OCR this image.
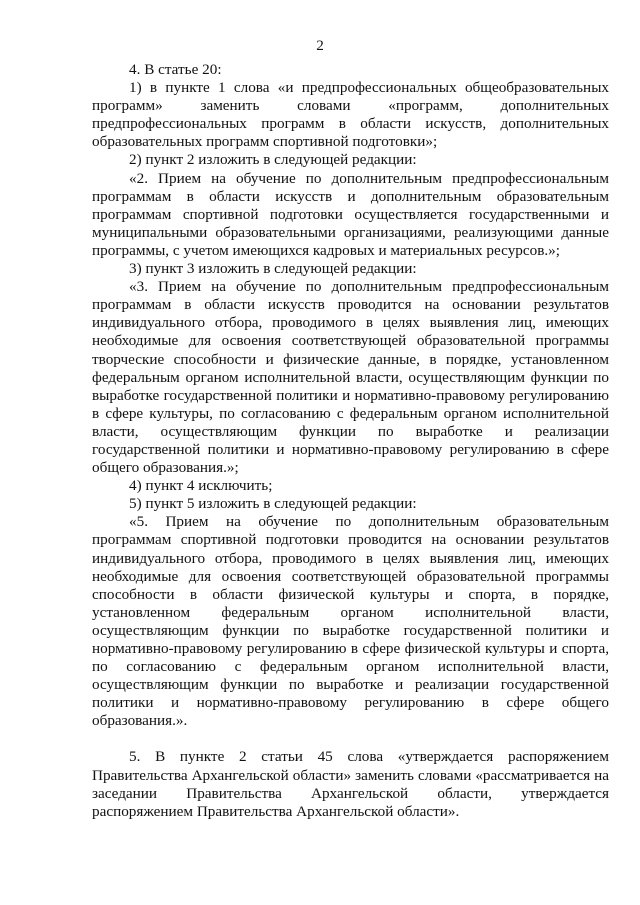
2

4. В статье 20:

1) в пункте 1 слова «и предпрофессиональных общеобразовательных программ» заменить словами «программ, дополнительных предпрофессиональных программ в области искусств, дополнительных образовательных программ спортивной подготовки»;

2) пункт 2 изложить в следующей редакции:

«2. Прием на обучение по дополнительным предпрофессиональным программам в области искусств и дополнительным образовательным программам спортивной подготовки осуществляется государственными и муниципальными образовательными организациями, реализующими данные программы, с учетом имеющихся кадровых и материальных ресурсов.»;

3) пункт 3 изложить в следующей редакции:

«3. Прием на обучение по дополнительным предпрофессиональным программам в области искусств проводится на основании результатов индивидуального отбора, проводимого в целях выявления лиц, имеющих необходимые для освоения соответствующей образовательной программы творческие способности и физические данные, в порядке, установленном федеральным органом исполнительной власти, осуществляющим функции по выработке государственной политики и нормативно-правовому регулированию в сфере культуры, по согласованию с федеральным органом исполнительной власти, осуществляющим функции по выработке и реализации государственной политики и нормативно-правовому регулированию в сфере общего образования.»;

4) пункт 4 исключить;

5) пункт 5 изложить в следующей редакции:

«5. Прием на обучение по дополнительным образовательным программам спортивной подготовки проводится на основании результатов индивидуального отбора, проводимого в целях выявления лиц, имеющих необходимые для освоения соответствующей образовательной программы способности в области физической культуры и спорта, в порядке, установленном федеральным органом исполнительной власти, осуществляющим функции по выработке государственной политики и нормативно-правовому регулированию в сфере физической культуры и спорта, по согласованию с федеральным органом исполнительной власти, осуществляющим функции по выработке и реализации государственной политики и нормативно-правовому регулированию в сфере общего образования.».

5. В пункте 2 статьи 45 слова «утверждается распоряжением Правительства Архангельской области» заменить словами «рассматривается на заседании Правительства Архангельской области, утверждается распоряжением Правительства Архангельской области».
